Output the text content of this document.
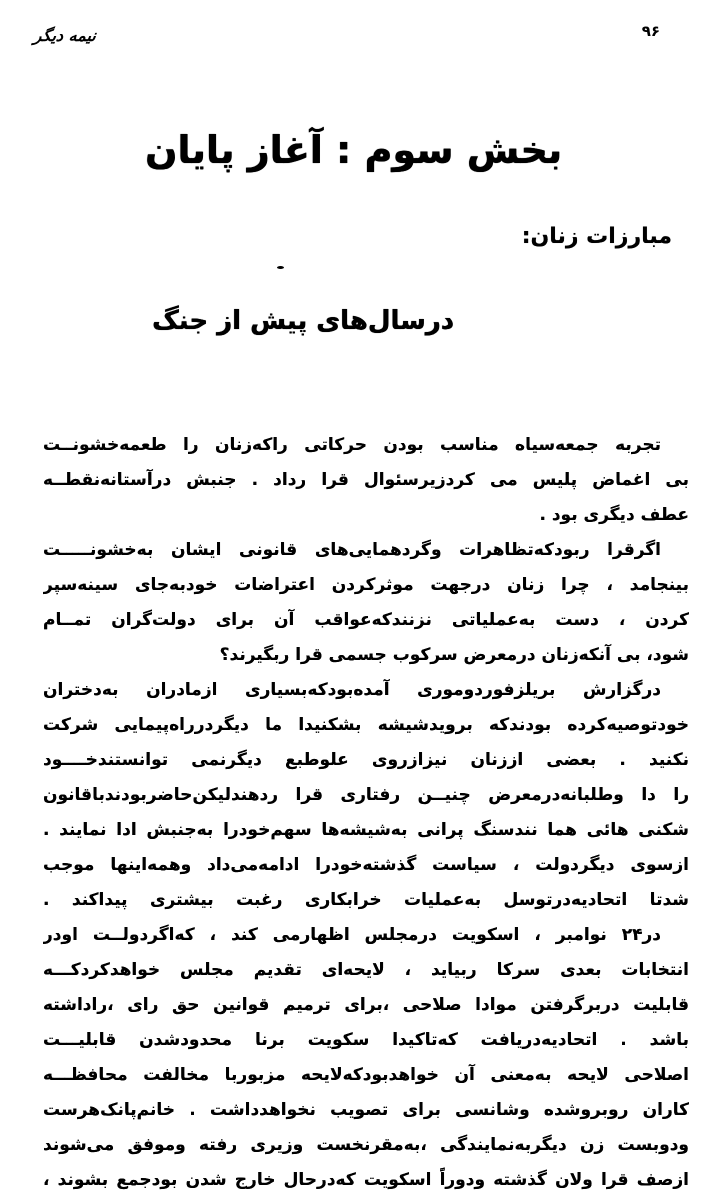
نیمه دیگر	۹۶
بخش سوم : آغاز پایان
مبارزات زنان:
درسال‌های پیش از جنگ
تجربه جمعه‌سیاه مناسب بودن حرکاتی راکه‌زنان را طعمه‌خشونــت
بی اغماض پلیس می کردزیرسئوال قرا رداد . جنبش درآستانه‌نقطــه
عطف دیگری بود .
اگرقرا ربودکه‌تظاهرات وگردهمایی‌های قانونی ایشان به‌خشونـــــت
بینجامد ، چرا زنان درجهت موثرکردن اعتراضات خودبه‌جای سینه‌سپر
کردن ، دست به‌عملیاتی نزنندکه‌عواقب آن برای دولت‌گران تمــام
شود، بی آنکه‌زنان درمعرض سرکوب جسمی قرا ربگیرند؟
درگزارش بریلزفوردوموری آمده‌بودکه‌بسیاری ازمادران به‌دختران
خودتوصیه‌کرده بودندکه برویدشیشه بشکنیدا ما دیگردرراه‌پیمایی شرکت
نکنید . بعضی اززنان نیزازروی علوطبع دیگرنمی توانستندخــــود
را دا وطلبانه‌درمعرض چنیــن رفتاری قرا ردهندلیکن‌حاضربودندباقانون
شکنی هائی هما نندسنگ پرانی به‌شیشه‌ها سهم‌خودرا به‌جنبش ادا نمایند .
ازسوی دیگردولت ، سیاست گذشته‌خودرا ادامه‌می‌داد وهمه‌اینها موجب
شدتا اتحادیه‌درتوسل به‌عملیات خرابکاری رغبت بیشتری پیداکند .
در۲۴ نوامبر ، اسکویت درمجلس اظهارمی کند ، که‌اگردولــت اودر
انتخابات بعدی سرکا ربیاید ، لایحه‌ای تقدیم مجلس خواهدکردکـــه
قابلیت دربرگرفتن موادا صلاحی ،برای ترمیم قوانین حق رای ،راداشته
باشد . اتحادیه‌دریافت که‌تاکیدا سکویت برنا محدودشدن قابلیـــت
اصلاحی لایحه به‌معنی آن خواهدبودکه‌لایحه مزبوربا مخالفت محافظـــه
کاران روبروشده وشانسی برای تصویب نخواهدداشت . خانم‌پانک‌هرست
ودوبست زن دیگربه‌نمایندگی ،به‌مقرنخست وزیری رفته وموفق می‌شوند
ازصف قرا ولان گذشته ودوراً اسکویت که‌درحال خارج شدن بودجمع بشوند ،
